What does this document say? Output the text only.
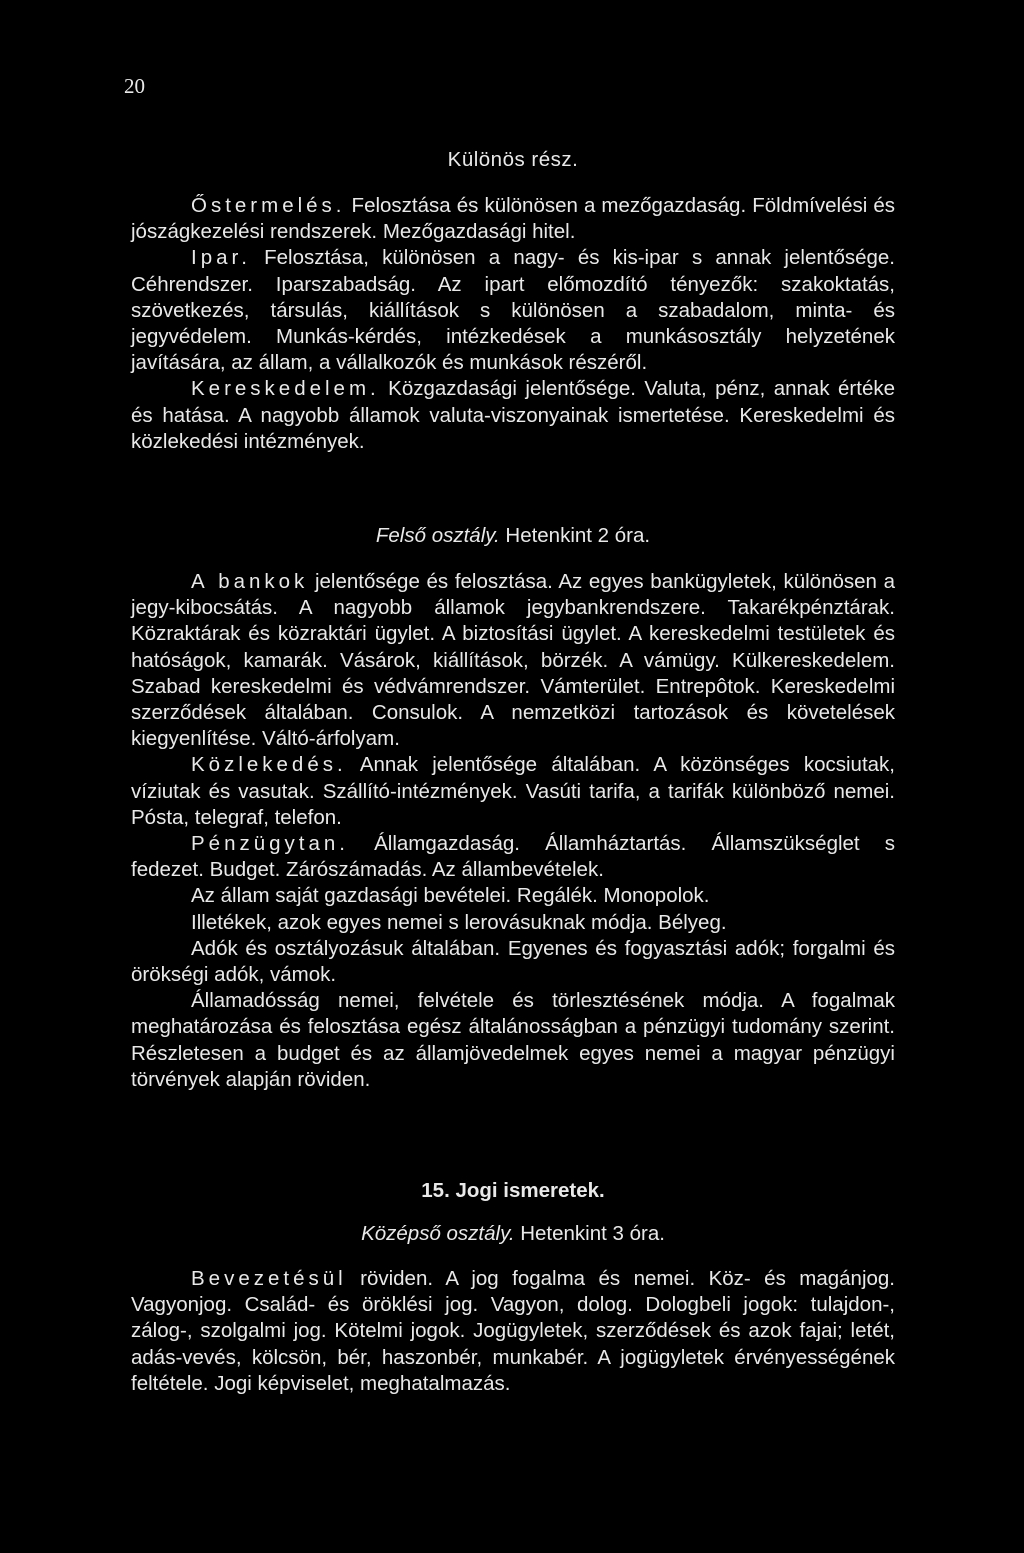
20
Különös rész.

Őstermelés. Felosztása és különösen a mezőgazdaság. Földmívelési és jószágkezelési rendszerek. Mezőgazdasági hitel.

Ipar. Felosztása, különösen a nagy- és kis-ipar s annak jelentősége. Céhrendszer. Iparszabadság. Az ipart előmozdító tényezők: szakoktatás, szövetkezés, társulás, kiállítások s különösen a szabadalom, minta- és jegyvédelem. Munkás-kérdés, intézkedések a munkásosztály helyzetének javítására, az állam, a vállalkozók és munkások részéről.

Kereskedelem. Közgazdasági jelentősége. Valuta, pénz, annak értéke és hatása. A nagyobb államok valuta-viszonyainak ismertetése. Kereskedelmi és közlekedési intézmények.

Felső osztály. Hetenkint 2 óra.

A bankok jelentősége és felosztása. Az egyes bankügyletek, különösen a jegy-kibocsátás. A nagyobb államok jegybankrendszere. Takarékpénztárak. Közraktárak és közraktári ügylet. A biztosítási ügylet. A kereskedelmi testületek és hatóságok, kamarák. Vásárok, kiállítások, börzék. A vámügy. Külkereskedelem. Szabad kereskedelmi és védvámrendszer. Vámterület. Entrepôtok. Kereskedelmi szerződések általában. Consulok. A nemzetközi tartozások és követelések kiegyenlítése. Váltó-árfolyam.

Közlekedés. Annak jelentősége általában. A közönséges kocsiutak, víziutak és vasutak. Szállító-intézmények. Vasúti tarifa, a tarifák különböző nemei. Pósta, telegraf, telefon.

Pénzügytan. Államgazdaság. Államháztartás. Államszükséglet s fedezet. Budget. Zárószámadás. Az állambevételek.

Az állam saját gazdasági bevételei. Regálék. Monopolok.

Illetékek, azok egyes nemei s lerovásuknak módja. Bélyeg.

Adók és osztályozásuk általában. Egyenes és fogyasztási adók; forgalmi és örökségi adók, vámok.

Államadósság nemei, felvétele és törlesztésének módja. A fogalmak meghatározása és felosztása egész általánosságban a pénzügyi tudomány szerint. Részletesen a budget és az államjövedelmek egyes nemei a magyar pénzügyi törvények alapján röviden.

15. Jogi ismeretek.
Középső osztály. Hetenkint 3 óra.

Bevezetésül röviden. A jog fogalma és nemei. Köz- és magánjog. Vagyonjog. Család- és öröklési jog. Vagyon, dolog. Dologbeli jogok: tulajdon-, zálog-, szolgalmi jog. Kötelmi jogok. Jogügyletek, szerződések és azok fajai; letét, adás-vevés, kölcsön, bér, haszonbér, munkabér. A jogügyletek érvényességének feltétele. Jogi képviselet, meghatalmazás.
